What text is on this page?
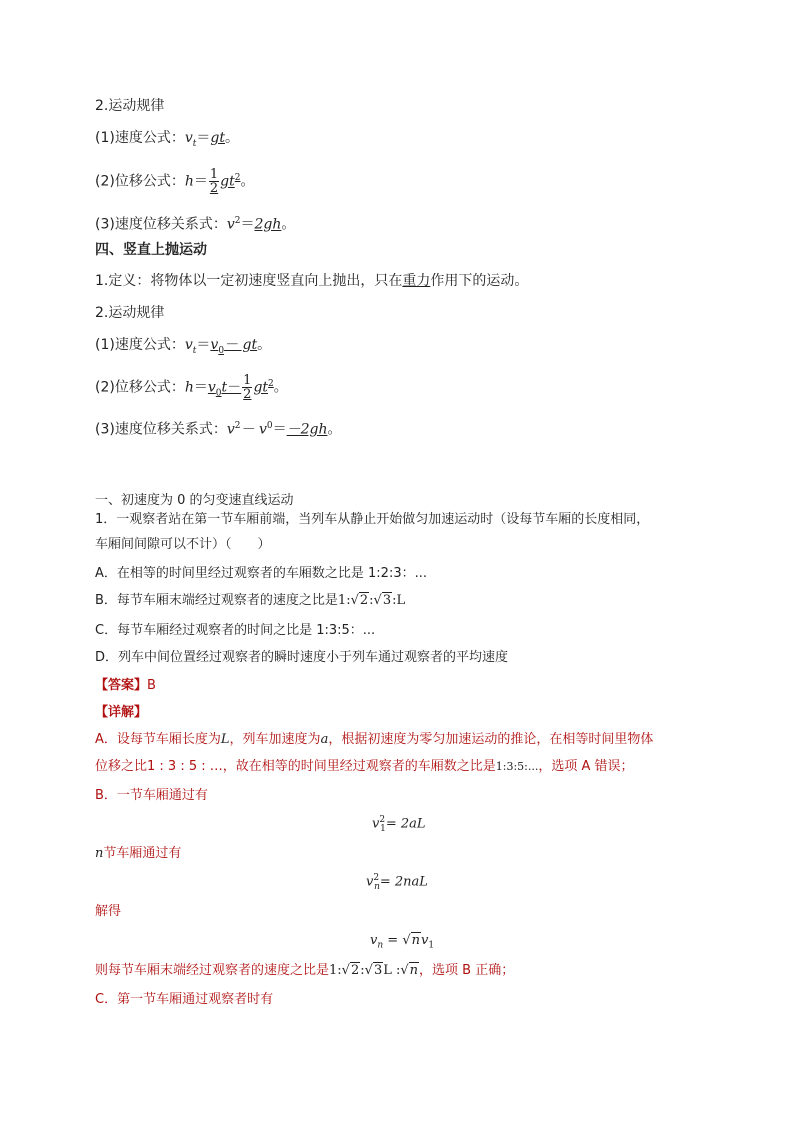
2.运动规律
(1)速度公式：$v_t=gt$。
(2)位移公式：$h= \frac{1}{2} gt^2$。
(3)速度位移关系式：$v^2=2gh$。
四、竖直上抛运动
1.定义：将物体以一定初速度竖直向上抛出，只在重力作用下的运动。
2.运动规律
(1)速度公式：$v_t=v_0-$ gt。
(2)位移公式：$h=v_0t- \frac{1}{2} gt^2$。
(3)速度位移关系式：$v^2- v^0=-2gh$。
一、初速度为 0 的匀变速直线运动
1．一观察者站在第一节车厢前端，当列车从静止开始做匀加速运动时（设每节车厢的长度相同，
车厢间间隙可以不计）（　　）
A．在相等的时间里经过观察者的车厢数之比是 1:2:3：...
B．每节车厢末端经过观察者的速度之比是1:√2:√3:L
C．每节车厢经过观察者的时间之比是 1:3:5：...
D．列车中间位置经过观察者的瞬时速度小于列车通过观察者的平均速度
【答案】B
【详解】
A．设每节车厢长度为L，列车加速度为a，根据初速度为零匀加速运动的推论，在相等时间里物体
位移之比1 : 3 : 5 : …，故在相等的时间里经过观察者的车厢数之比是1:3:5:...，选项 A 错误；
B．一节车厢通过有
$v^2_1= 2aL$
n节车厢通过有
$v^2_n= 2naL$
解得
$v_n = √nv_1$
则每节车厢末端经过观察者的速度之比是1:√2:√3L :√n，选项 B 正确；
C．第一节车厢通过观察者时有
